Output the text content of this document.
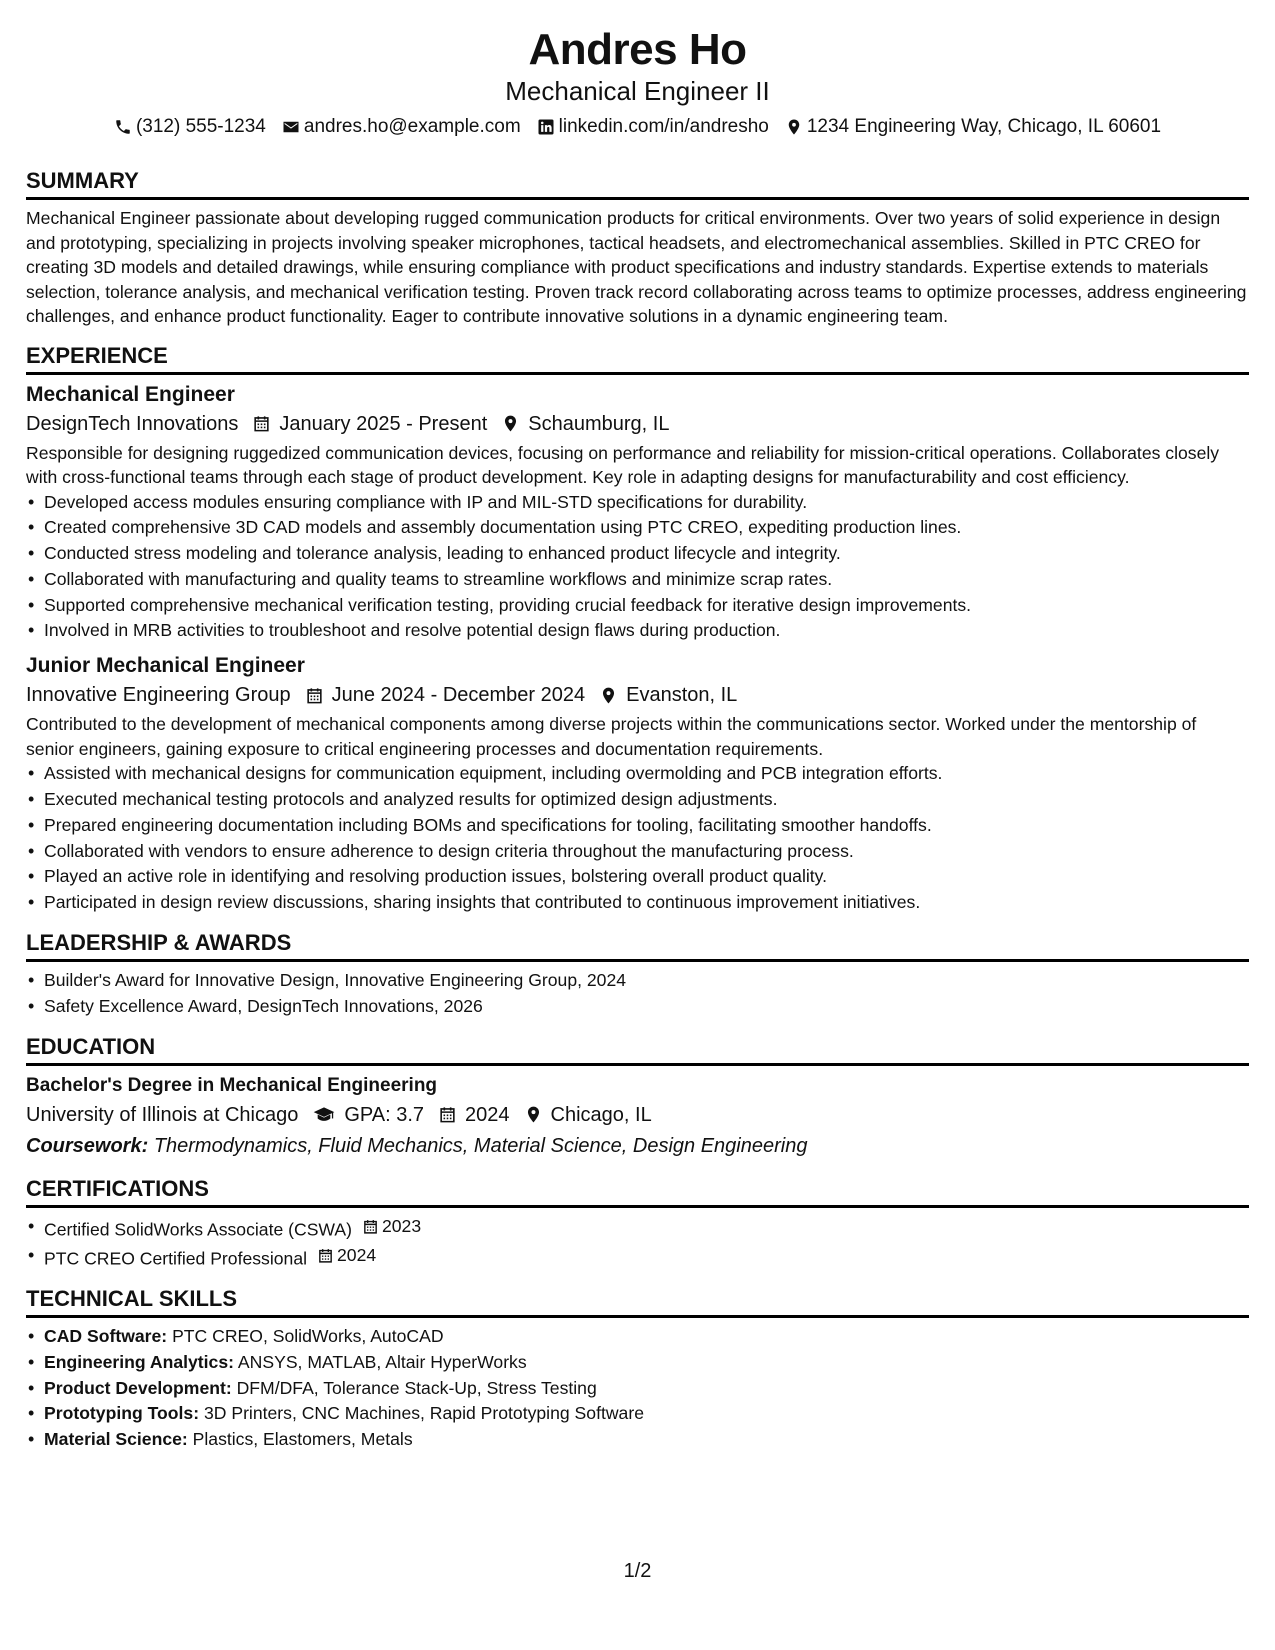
Andres Ho
Mechanical Engineer II
(312) 555-1234 andres.ho@example.com linkedin.com/in/andresho 1234 Engineering Way, Chicago, IL 60601
SUMMARY
Mechanical Engineer passionate about developing rugged communication products for critical environments. Over two years of solid experience in design and prototyping, specializing in projects involving speaker microphones, tactical headsets, and electromechanical assemblies. Skilled in PTC CREO for creating 3D models and detailed drawings, while ensuring compliance with product specifications and industry standards. Expertise extends to materials selection, tolerance analysis, and mechanical verification testing. Proven track record collaborating across teams to optimize processes, address engineering challenges, and enhance product functionality. Eager to contribute innovative solutions in a dynamic engineering team.
EXPERIENCE
Mechanical Engineer
DesignTech Innovations January 2025 - Present Schaumburg, IL
Responsible for designing ruggedized communication devices, focusing on performance and reliability for mission-critical operations. Collaborates closely with cross-functional teams through each stage of product development. Key role in adapting designs for manufacturability and cost efficiency.
• Developed access modules ensuring compliance with IP and MIL-STD specifications for durability.
• Created comprehensive 3D CAD models and assembly documentation using PTC CREO, expediting production lines.
• Conducted stress modeling and tolerance analysis, leading to enhanced product lifecycle and integrity.
• Collaborated with manufacturing and quality teams to streamline workflows and minimize scrap rates.
• Supported comprehensive mechanical verification testing, providing crucial feedback for iterative design improvements.
• Involved in MRB activities to troubleshoot and resolve potential design flaws during production.
Junior Mechanical Engineer
Innovative Engineering Group June 2024 - December 2024 Evanston, IL
Contributed to the development of mechanical components among diverse projects within the communications sector. Worked under the mentorship of senior engineers, gaining exposure to critical engineering processes and documentation requirements.
• Assisted with mechanical designs for communication equipment, including overmolding and PCB integration efforts.
• Executed mechanical testing protocols and analyzed results for optimized design adjustments.
• Prepared engineering documentation including BOMs and specifications for tooling, facilitating smoother handoffs.
• Collaborated with vendors to ensure adherence to design criteria throughout the manufacturing process.
• Played an active role in identifying and resolving production issues, bolstering overall product quality.
• Participated in design review discussions, sharing insights that contributed to continuous improvement initiatives.
LEADERSHIP & AWARDS
• Builder's Award for Innovative Design, Innovative Engineering Group, 2024
• Safety Excellence Award, DesignTech Innovations, 2026
EDUCATION
Bachelor's Degree in Mechanical Engineering
University of Illinois at Chicago GPA: 3.7 2024 Chicago, IL
Coursework: Thermodynamics, Fluid Mechanics, Material Science, Design Engineering
CERTIFICATIONS
• Certified SolidWorks Associate (CSWA) 2023
• PTC CREO Certified Professional 2024
TECHNICAL SKILLS
• CAD Software: PTC CREO, SolidWorks, AutoCAD
• Engineering Analytics: ANSYS, MATLAB, Altair HyperWorks
• Product Development: DFM/DFA, Tolerance Stack-Up, Stress Testing
• Prototyping Tools: 3D Printers, CNC Machines, Rapid Prototyping Software
• Material Science: Plastics, Elastomers, Metals
1/2
